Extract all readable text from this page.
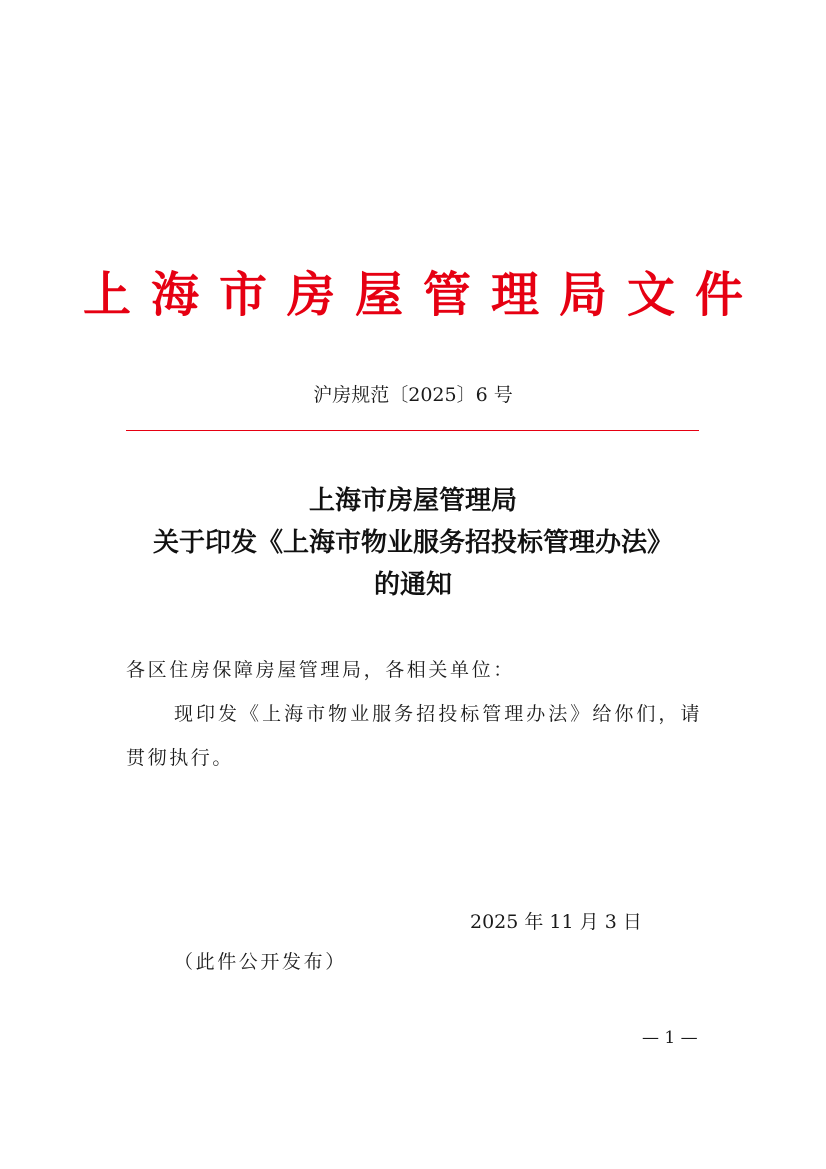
上海市房屋管理局文件
沪房规范〔2025〕6 号
上海市房屋管理局
关于印发《上海市物业服务招投标管理办法》
的通知
各区住房保障房屋管理局，各相关单位：
现印发《上海市物业服务招投标管理办法》给你们，请贯彻执行。
2025 年 11 月 3 日
（此件公开发布）
— 1 —
